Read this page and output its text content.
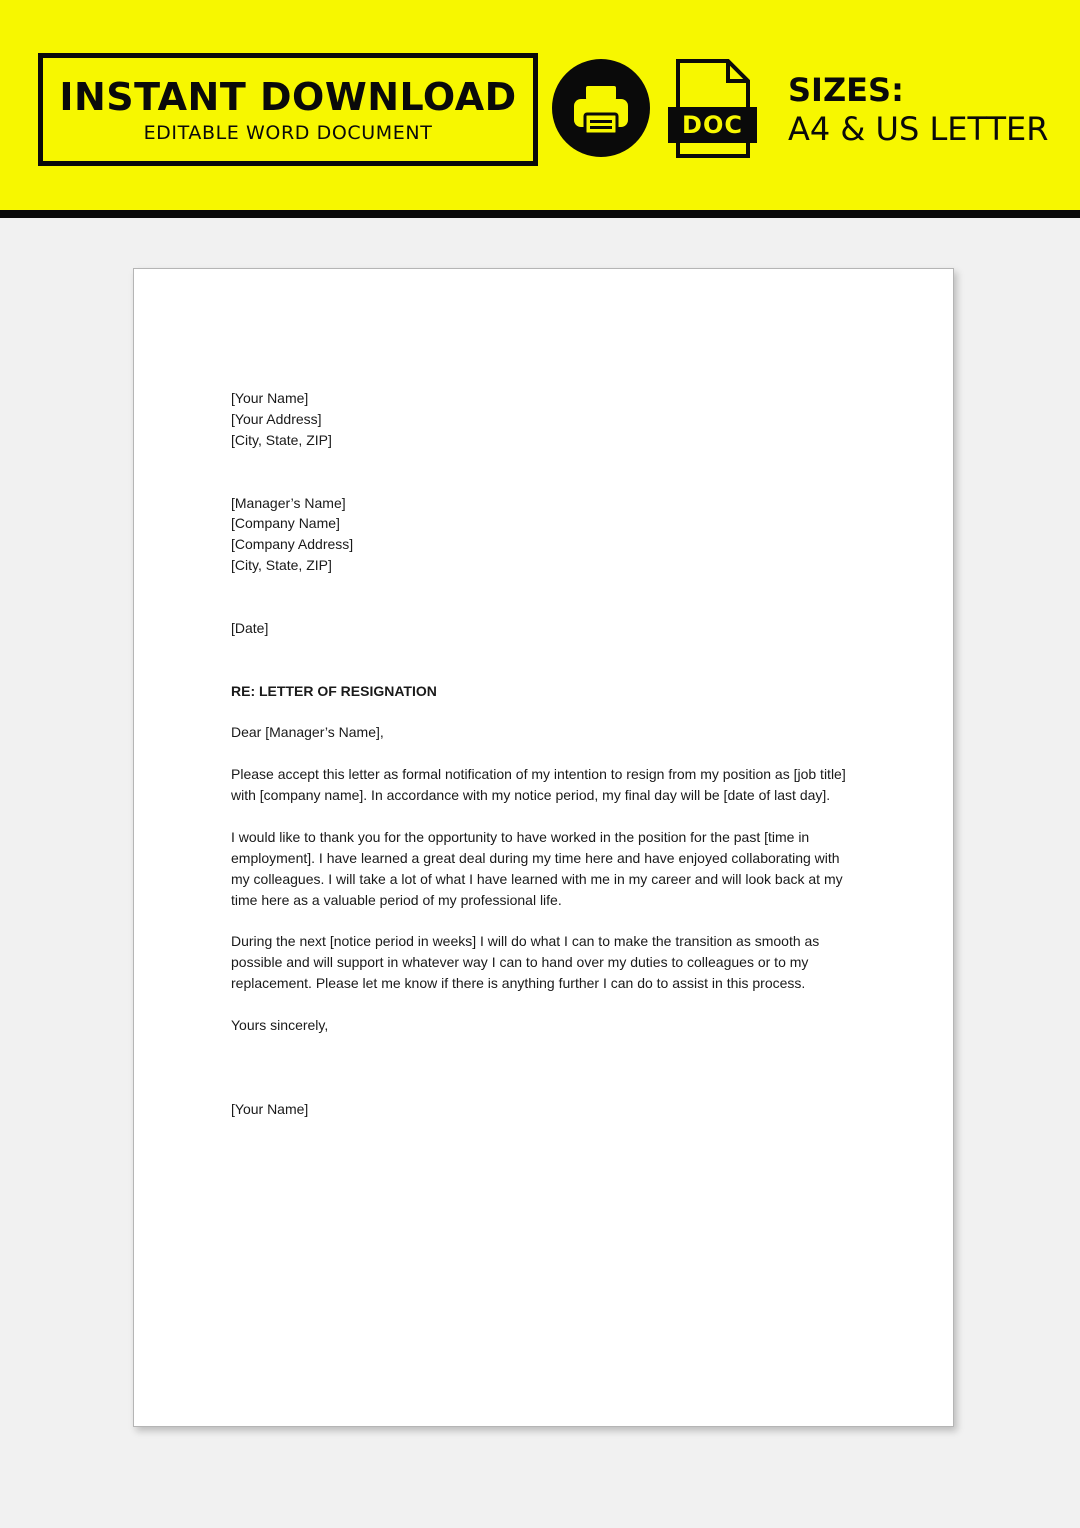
INSTANT DOWNLOAD
EDITABLE WORD DOCUMENT	DOC
SIZES:
A4 & US LETTER

[Your Name]

[Your Address]

[City, State, ZIP]

[Manager’s Name]

[Company Name]

[Company Address]

[City, State, ZIP]

[Date]

RE: LETTER OF RESIGNATION

Dear [Manager’s Name],

Please accept this letter as formal notification of my intention to resign from my position as [job title] with [company name]. In accordance with my notice period, my final day will be [date of last day].

I would like to thank you for the opportunity to have worked in the position for the past [time in employment]. I have learned a great deal during my time here and have enjoyed collaborating with my colleagues. I will take a lot of what I have learned with me in my career and will look back at my time here as a valuable period of my professional life.

During the next [notice period in weeks] I will do what I can to make the transition as smooth as possible and will support in whatever way I can to hand over my duties to colleagues or to my replacement. Please let me know if there is anything further I can do to assist in this process.

Yours sincerely,

[Your Name]
